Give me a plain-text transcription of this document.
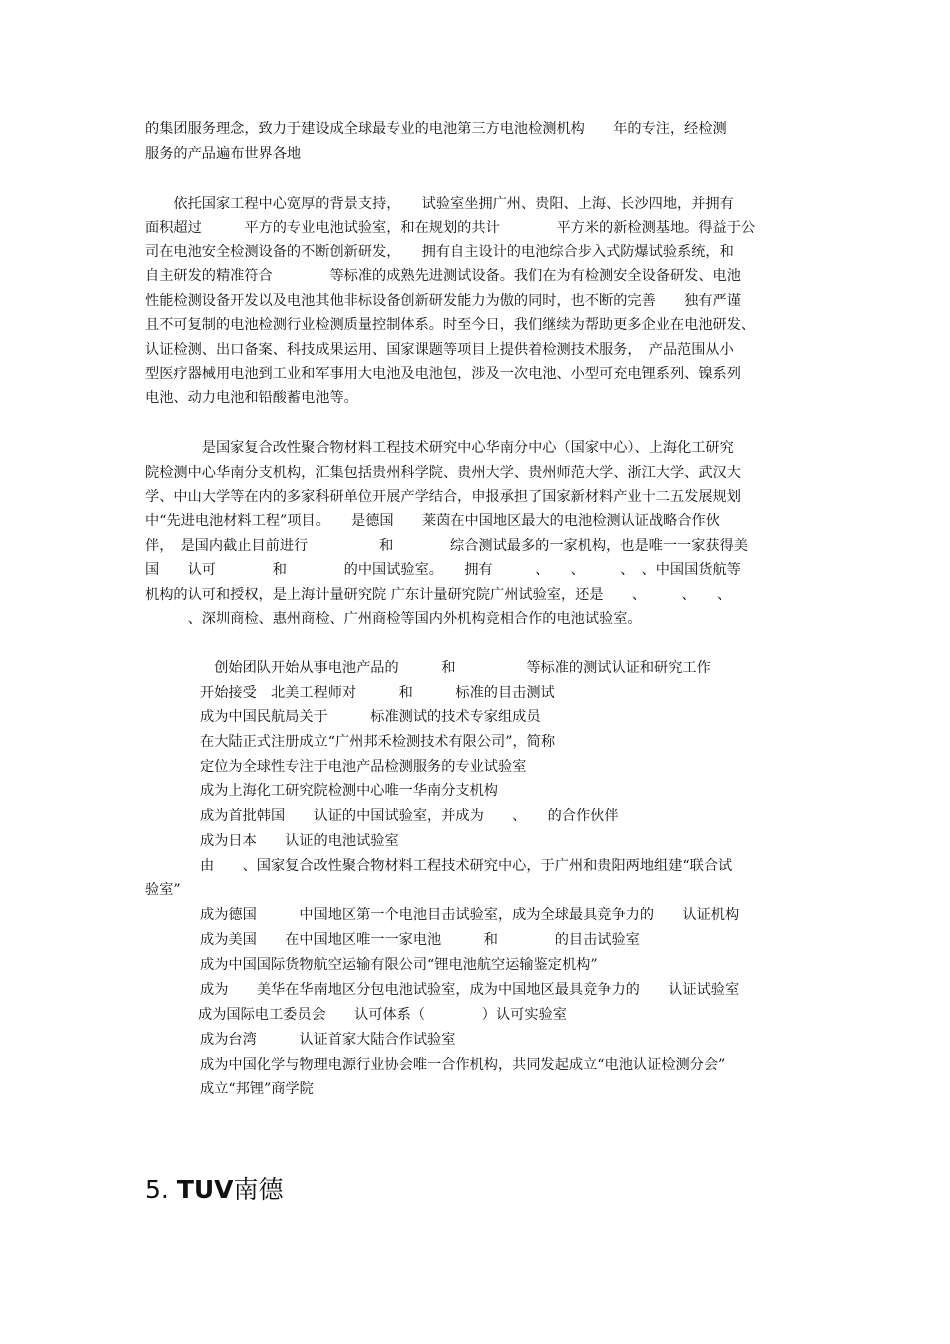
的集团服务理念，致力于建设成全球最专业的电池第三方电池检测机构　　年的专注，经检测
服务的产品遍布世界各地
　　依托国家工程中心宽厚的背景支持，　　试验室坐拥广州、贵阳、上海、长沙四地，并拥有
面积超过　　　平方的专业电池试验室，和在规划的共计　　　　平方米的新检测基地。得益于公
司在电池安全检测设备的不断创新研发，　　拥有自主设计的电池综合步入式防爆试验系统，和
自主研发的精准符合　　　　等标准的成熟先进测试设备。我们在为有检测安全设备研发、电池
性能检测设备开发以及电池其他非标设备创新研发能力为傲的同时，也不断的完善　　独有严谨
且不可复制的电池检测行业检测质量控制体系。时至今日，我们继续为帮助更多企业在电池研发、
认证检测、出口备案、科技成果运用、国家课题等项目上提供着检测技术服务，　产品范围从小
型医疗器械用电池到工业和军事用大电池及电池包，涉及一次电池、小型可充电锂系列、镍系列
电池、动力电池和铅酸蓄电池等。
　　　　是国家复合改性聚合物材料工程技术研究中心华南分中心（国家中心）、上海化工研究
院检测中心华南分支机构，汇集包括贵州科学院、贵州大学、贵州师范大学、浙江大学、武汉大
学、中山大学等在内的多家科研单位开展产学结合，申报承担了国家新材料产业十二五发展规划
中“先进电池材料工程”项目。　　是德国　　莱茵在中国地区最大的电池检测认证战略合作伙
伴，　是国内截止目前进行　　　　　和　　　　综合测试最多的一家机构，也是唯一一家获得美
国　　认可　　　　和　　　　的中国试验室。　　拥有　　　、　　、　　　、　、中国国货航等
机构的认可和授权，是上海计量研究院 广东计量研究院广州试验室，还是　　、　　　、　　、
　　　、深圳商检、惠州商检、广州商检等国内外机构竞相合作的电池试验室。
　创始团队开始从事电池产品的　　　和　　　　　等标准的测试认证和研究工作
开始接受　北美工程师对　　　和　　　标准的目击测试
成为中国民航局关于　　　标准测试的技术专家组成员
在大陆正式注册成立“广州邦禾检测技术有限公司”，简称
定位为全球性专注于电池产品检测服务的专业试验室
成为上海化工研究院检测中心唯一华南分支机构
成为首批韩国　　认证的中国试验室，并成为　　、　　的合作伙伴
成为日本　　认证的电池试验室
由　　、国家复合改性聚合物材料工程技术研究中心，于广州和贵阳两地组建“联合试
验室”
成为德国　　　中国地区第一个电池目击试验室，成为全球最具竞争力的　　认证机构
成为美国　　在中国地区唯一一家电池　　　和　　　　的目击试验室
成为中国国际货物航空运输有限公司“锂电池航空运输鉴定机构”
成为　　美华在华南地区分包电池试验室，成为中国地区最具竞争力的　　认证试验室
成为国际电工委员会　　认可体系（　　　　）认可实验室
成为台湾　　　认证首家大陆合作试验室
成为中国化学与物理电源行业协会唯一合作机构，共同发起成立“电池认证检测分会”
成立“邦锂”商学院
5. TUV南德
